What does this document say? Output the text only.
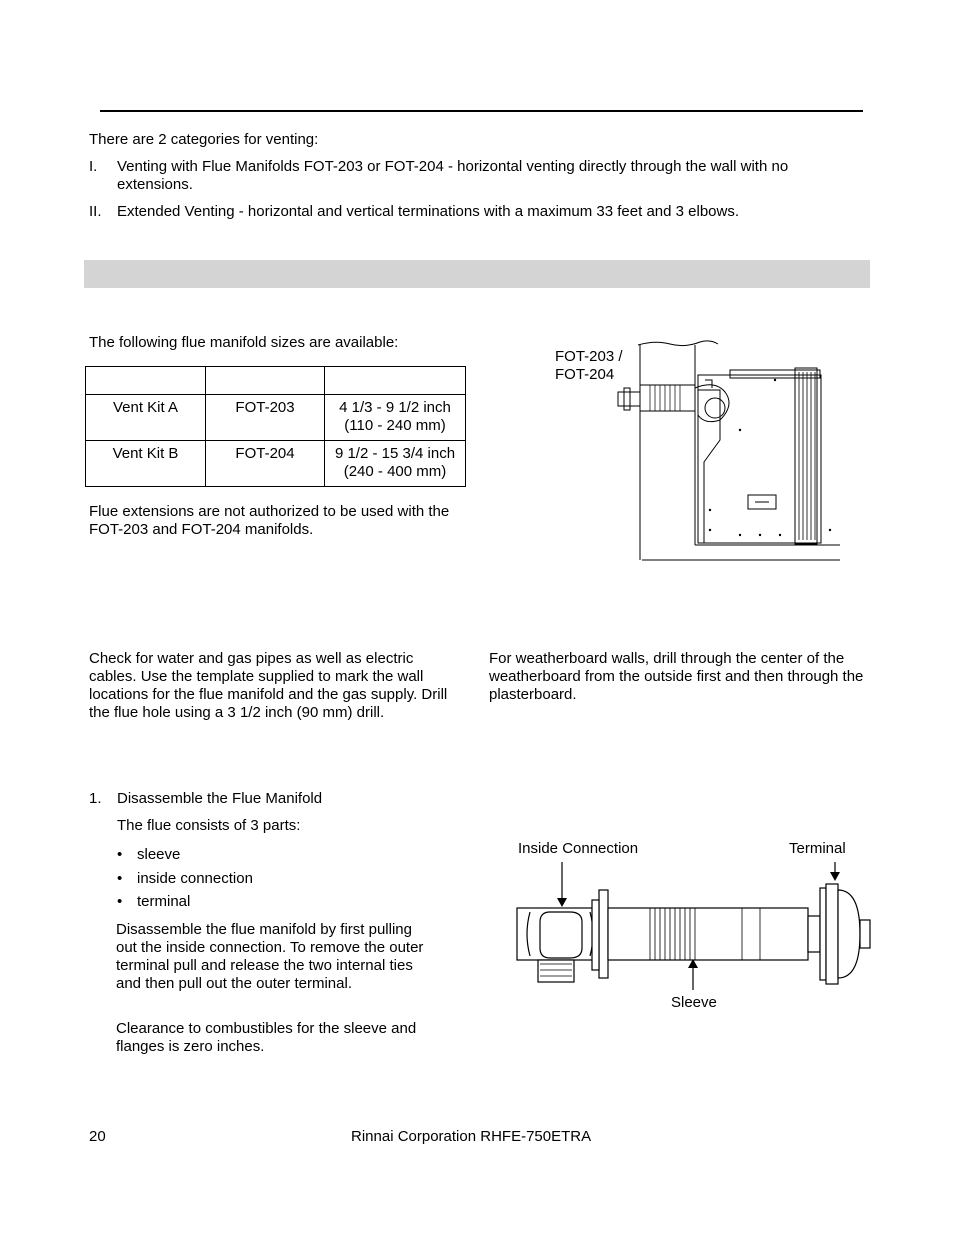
There are 2 categories for venting:

I. Venting with Flue Manifolds FOT-203 or FOT-204 - horizontal venting directly through the wall with no extensions.

II. Extended Venting - horizontal and vertical terminations with a maximum 33 feet and 3 elbows.

The following flue manifold sizes are available:

Vent Kit A	FOT-203	4 1/3 - 9 1/2 inch
(110 - 240 mm)
Vent Kit B	FOT-204	9 1/2 - 15 3/4 inch
(240 - 400 mm)

Flue extensions are not authorized to be used with the FOT-203 and FOT-204 manifolds.

FOT-203 /
FOT-204

Check for water and gas pipes as well as electric cables. Use the template supplied to mark the wall locations for the flue manifold and the gas supply. Drill the flue hole using a 3 1/2 inch (90 mm) drill.

For weatherboard walls, drill through the center of the weatherboard from the outside first and then through the plasterboard.

1. Disassemble the Flue Manifold

The flue consists of 3 parts:

• sleeve
• inside connection
• terminal

Disassemble the flue manifold by first pulling out the inside connection. To remove the outer terminal pull and release the two internal ties and then pull out the outer terminal.

Clearance to combustibles for the sleeve and flanges is zero inches.

Inside Connection	Terminal
Sleeve
20	Rinnai Corporation RHFE-750ETRA
